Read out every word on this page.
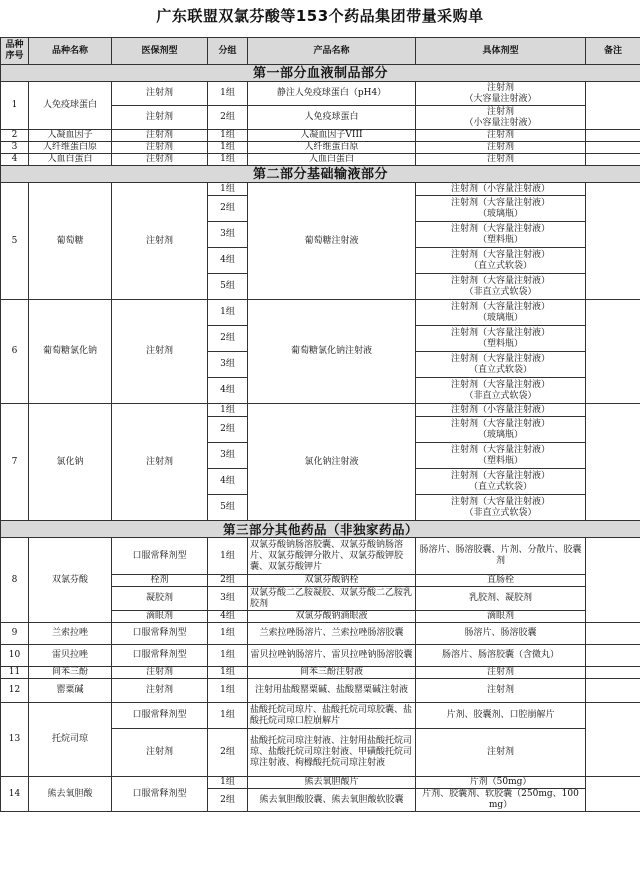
广东联盟双氯芬酸等153个药品集团带量采购单
品种序号	品种名称	医保剂型	分组	产品名称	具体剂型	备注
第一部分血液制品部分						
1	人免疫球蛋白	注射剂	1组	静注人免疫球蛋白（pH4）	注射剂
（大容量注射液）	
		注射剂	2组	人免疫球蛋白	注射剂
（小容量注射液）	
2	人凝血因子	注射剂	1组	人凝血因子VIII	注射剂	
3	人纤维蛋白原	注射剂	1组	人纤维蛋白原	注射剂	
4	人血白蛋白	注射剂	1组	人血白蛋白	注射剂	
第二部分基础输液部分						
5	葡萄糖	注射剂	1组	葡萄糖注射液	注射剂（小容量注射液）	
			2组		注射剂（大容量注射液）
（玻璃瓶）	
			3组		注射剂（大容量注射液）
（塑料瓶）	
			4组		注射剂（大容量注射液）
（直立式软袋）	
			5组		注射剂（大容量注射液）
（非直立式软袋）	
6	葡萄糖氯化钠	注射剂	1组	葡萄糖氯化钠注射液	注射剂（大容量注射液）
（玻璃瓶）	
			2组		注射剂（大容量注射液）
（塑料瓶）	
			3组		注射剂（大容量注射液）
（直立式软袋）	
			4组		注射剂（大容量注射液）
（非直立式软袋）	
7	氯化钠	注射剂	1组	氯化钠注射液	注射剂（小容量注射液）	
			2组		注射剂（大容量注射液）
（玻璃瓶）	
			3组		注射剂（大容量注射液）
（塑料瓶）	
			4组		注射剂（大容量注射液）
（直立式软袋）	
			5组		注射剂（大容量注射液）
（非直立式软袋）	
第三部分其他药品（非独家药品）						
8	双氯芬酸	口服常释剂型	1组	双氯芬酸钠肠溶胶囊、双氯芬酸钠肠溶片、双氯芬酸钾分散片、双氯芬酸钾胶囊、双氯芬酸钾片	肠溶片、肠溶胶囊、片剂、分散片、胶囊剂	
		栓剂	2组	双氯芬酸钠栓	直肠栓	
		凝胶剂	3组	双氯芬酸二乙胺凝胶、双氯芬酸二乙胺乳胶剂	乳胶剂、凝胶剂	
		滴眼剂	4组	双氯芬酸钠滴眼液	滴眼剂	
9	兰索拉唑	口服常释剂型	1组	兰索拉唑肠溶片、兰索拉唑肠溶胶囊	肠溶片、肠溶胶囊	
10	雷贝拉唑	口服常释剂型	1组	雷贝拉唑钠肠溶片、雷贝拉唑钠肠溶胶囊	肠溶片、肠溶胶囊（含微丸）	
11	间苯三酚	注射剂	1组	间苯三酚注射液	注射剂	
12	罂粟碱	注射剂	1组	注射用盐酸罂粟碱、盐酸罂粟碱注射液	注射剂	
13	托烷司琼	口服常释剂型	1组	盐酸托烷司琼片、盐酸托烷司琼胶囊、盐酸托烷司琼口腔崩解片	片剂、胶囊剂、口腔崩解片	
		注射剂	2组	盐酸托烷司琼注射液、注射用盐酸托烷司琼、盐酸托烷司琼注射液、甲磺酸托烷司琼注射液、枸橼酸托烷司琼注射液	注射剂	
14	熊去氧胆酸	口服常释剂型	1组	熊去氧胆酸片	片剂（50mg）	
			2组	熊去氧胆酸胶囊、熊去氧胆酸软胶囊	片剂、胶囊剂、软胶囊（250mg、100mg）	
